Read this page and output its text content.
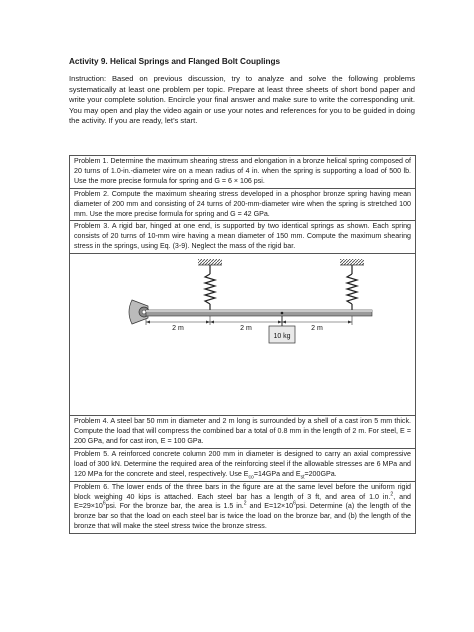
Activity 9. Helical Springs and Flanged Bolt Couplings

Instruction: Based on previous discussion, try to analyze and solve the following problems systematically at least one problem per topic. Prepare at least three sheets of short bond paper and write your complete solution. Encircle your final answer and make sure to write the corresponding unit. You may open and play the video again or use your notes and references for you to be guided in doing the activity. If you are ready, let’s start.

Problem 1. Determine the maximum shearing stress and elongation in a bronze helical spring composed of 20 turns of 1.0-in.-diameter wire on a mean radius of 4 in. when the spring is supporting a load of 500 lb. Use the more precise formula for spring and G = 6 × 106 psi.
Problem 2. Compute the maximum shearing stress developed in a phosphor bronze spring having mean diameter of 200 mm and consisting of 24 turns of 200-mm-diameter wire when the spring is stretched 100 mm. Use the more precise formula for spring and G = 42 GPa.
Problem 3. A rigid bar, hinged at one end, is supported by two identical springs as shown. Each spring consists of 20 turns of 10-mm wire having a mean diameter of 150 mm. Compute the maximum shearing stress in the springs, using Eq. (3-9). Neglect the mass of the rigid bar.
10 kg
2 m	2 m	2 m
Problem 4. A steel bar 50 mm in diameter and 2 m long is surrounded by a shell of a cast iron 5 mm thick. Compute the load that will compress the combined bar a total of 0.8 mm in the length of 2 m. For steel, E = 200 GPa, and for cast iron, E = 100 GPa.
Problem 5. A reinforced concrete column 200 mm in diameter is designed to carry an axial compressive load of 300 kN. Determine the required area of the reinforcing steel if the allowable stresses are 6 MPa and 120 MPa for the concrete and steel, respectively. Use $E_{co}=14GPa$ and $E_{st}=200GPa$.
Problem 6. The lower ends of the three bars in the figure are at the same level before the uniform rigid block weighing 40 kips is attached. Each steel bar has a length of 3 ft, and area of 1.0 in.$^2$, and $E=29\times 10^6psi$. For the bronze bar, the area is 1.5 in.$^2$ and $E=12\times 10^6psi$. Determine (a) the length of the bronze bar so that the load on each steel bar is twice the load on the bronze bar, and (b) the length of the bronze that will make the steel stress twice the bronze stress.
